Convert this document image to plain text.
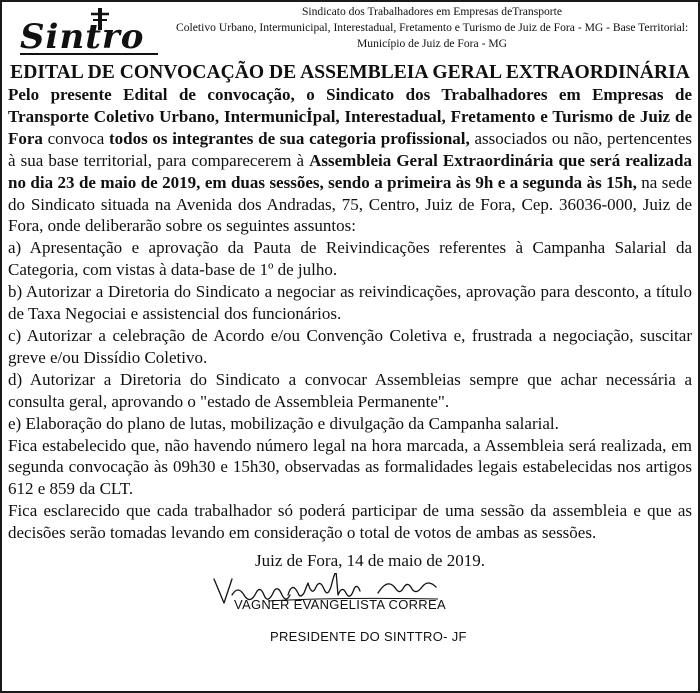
Sintro
Sindicato dos Trabalhadores em Empresas deTransporte
Coletivo Urbano, Intermunicipal, Interestadual, Fretamento e Turismo de Juiz de Fora - MG - Base Territorial:
Município de Juiz de Fora - MG
EDITAL DE CONVOCAÇÃO DE ASSEMBLEIA GERAL EXTRAORDINÁRIA

Pelo presente Edital de convocação, o Sindicato dos Trabalhadores em Empresas de Transporte Coletivo Urbano, Intermunicİpal, Interestadual, Fretamento e Turismo de Juiz de Fora convoca todos os integrantes de sua categoria profissional, associados ou não, pertencentes à sua base territorial, para comparecerem à Assembleia Geral Extraordinária que será realizada no dia 23 de maio de 2019, em duas sessões, sendo a primeira às 9h e a segunda às 15h, na sede do Sindicato situada na Avenida dos Andradas, 75, Centro, Juiz de Fora, Cep. 36036-000, Juiz de Fora, onde deliberarão sobre os seguintes assuntos:

a) Apresentação e aprovação da Pauta de Reivindicações referentes à Campanha Salarial da Categoria, com vistas à data-base de 1º de julho.

b) Autorizar a Diretoria do Sindicato a negociar as reivindicações, aprovação para desconto, a título de Taxa Negociai e assistencial dos funcionários.

c) Autorizar a celebração de Acordo e/ou Convenção Coletiva e, frustrada a negociação, suscitar greve e/ou Dissídio Coletivo.

d) Autorizar a Diretoria do Sindicato a convocar Assembleias sempre que achar necessária a consulta geral, aprovando o "estado de Assembleia Permanente".

e) Elaboração do plano de lutas, mobilização e divulgação da Campanha salarial.

Fica estabelecido que, não havendo número legal na hora marcada, a Assembleia será realizada, em segunda convocação às 09h30 e 15h30, observadas as formalidades legais estabelecidas nos artigos 612 e 859 da CLT.

Fica esclarecido que cada trabalhador só poderá participar de uma sessão da assembleia e que as decisões serão tomadas levando em consideração o total de votos de ambas as sessões.

Juiz de Fora, 14 de maio de 2019.
VAGNER EVANGELISTA CORREA
PRESIDENTE DO SINTTRO- JF
